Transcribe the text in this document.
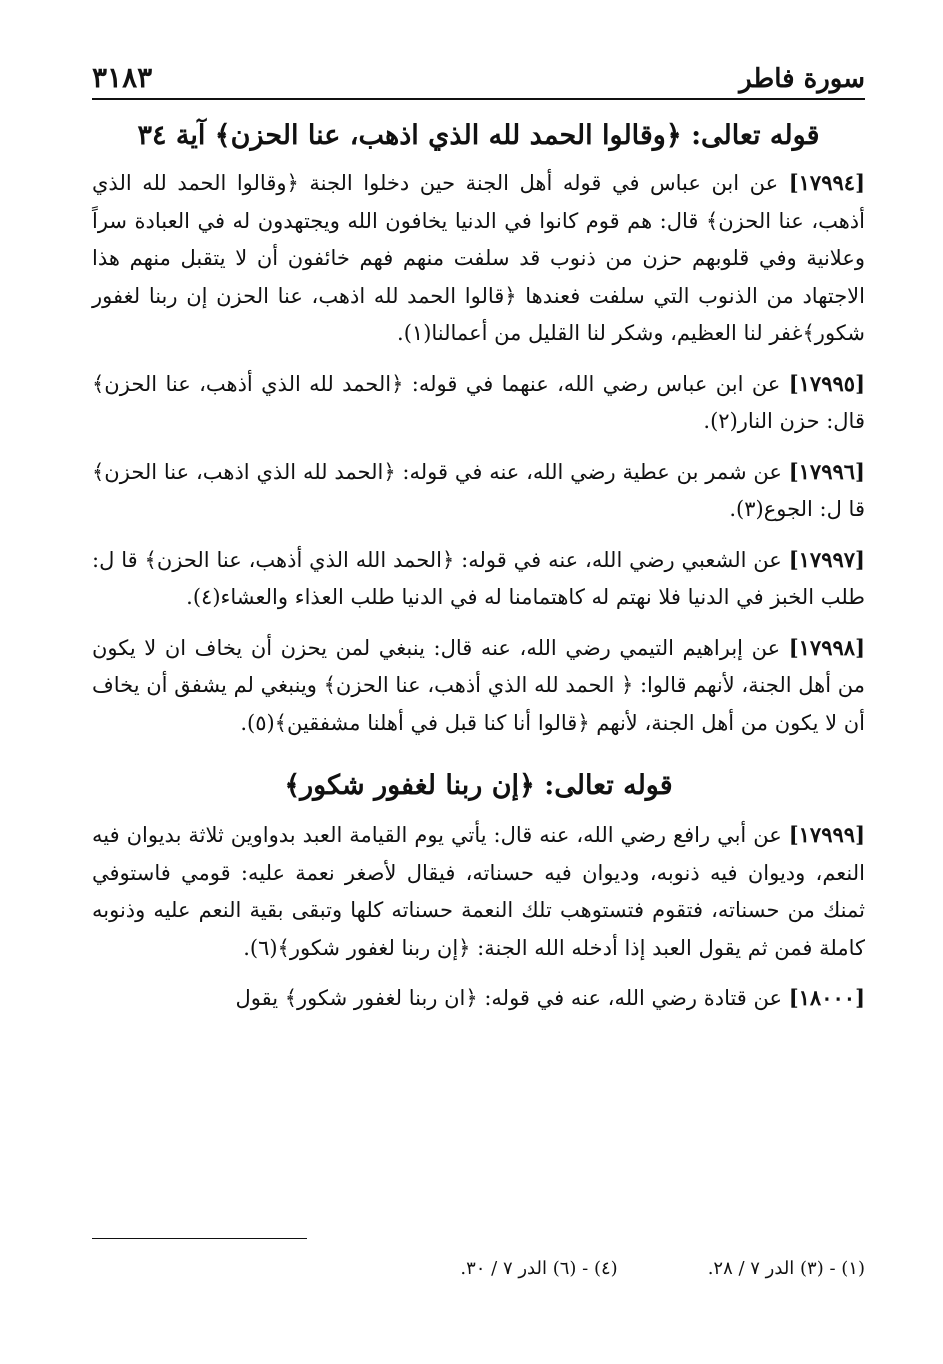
سورة فاطر
٣١٨٣
قوله تعالى: ﴿وقالوا الحمد لله الذي اذهب، عنا الحزن﴾ آية ٣٤

[١٧٩٩٤] عن ابن عباس في قوله أهل الجنة حين دخلوا الجنة ﴿وقالوا الحمد لله الذي أذهب، عنا الحزن﴾ قال: هم قوم كانوا في الدنيا يخافون الله ويجتهدون له في العبادة سراً وعلانية وفي قلوبهم حزن من ذنوب قد سلفت منهم فهم خائفون أن لا يتقبل منهم هذا الاجتهاد من الذنوب التي سلفت فعندها ﴿قالوا الحمد لله اذهب، عنا الحزن إن ربنا لغفور شكور﴾غفر لنا العظيم، وشكر لنا القليل من أعمالنا(١).

[١٧٩٩٥] عن ابن عباس رضي الله، عنهما في قوله: ﴿الحمد لله الذي أذهب، عنا الحزن﴾ قال: حزن النار(٢).

[١٧٩٩٦] عن شمر بن عطية رضي الله، عنه في قوله: ﴿الحمد لله الذي اذهب، عنا الحزن﴾ قا ل: الجوع(٣).

[١٧٩٩٧] عن الشعبي رضي الله، عنه في قوله: ﴿الحمد الله الذي أذهب، عنا الحزن﴾ قا ل: طلب الخبز في الدنيا فلا نهتم له كاهتمامنا له في الدنيا طلب العذاء والعشاء(٤).

[١٧٩٩٨] عن إبراهيم التيمي رضي الله، عنه قال: ينبغي لمن يحزن أن يخاف ان لا يكون من أهل الجنة، لأنهم قالوا: ﴿ الحمد لله الذي أذهب، عنا الحزن﴾ وينبغي لم يشفق أن يخاف أن لا يكون من أهل الجنة، لأنهم ﴿قالوا أنا كنا قبل في أهلنا مشفقين﴾(٥).

قوله تعالى: ﴿إن ربنا لغفور شكور﴾

[١٧٩٩٩] عن أبي رافع رضي الله، عنه قال: يأتي يوم القيامة العبد بدواوين ثلاثة بديوان فيه النعم، وديوان فيه ذنوبه، وديوان فيه حسناته، فيقال لأصغر نعمة عليه: قومي فاستوفي ثمنك من حسناته، فتقوم فتستوهب تلك النعمة حسناته كلها وتبقى بقية النعم عليه وذنوبه كاملة فمن ثم يقول العبد إذا أدخله الله الجنة: ﴿إن ربنا لغفور شكور﴾(٦).

[١٨٠٠٠] عن قتادة رضي الله، عنه في قوله: ﴿ان ربنا لغفور شكور﴾ يقول

(١) - (٣) الدر ٧ / ٢٨.(٤) - (٦) الدر ٧ / ٣٠.
